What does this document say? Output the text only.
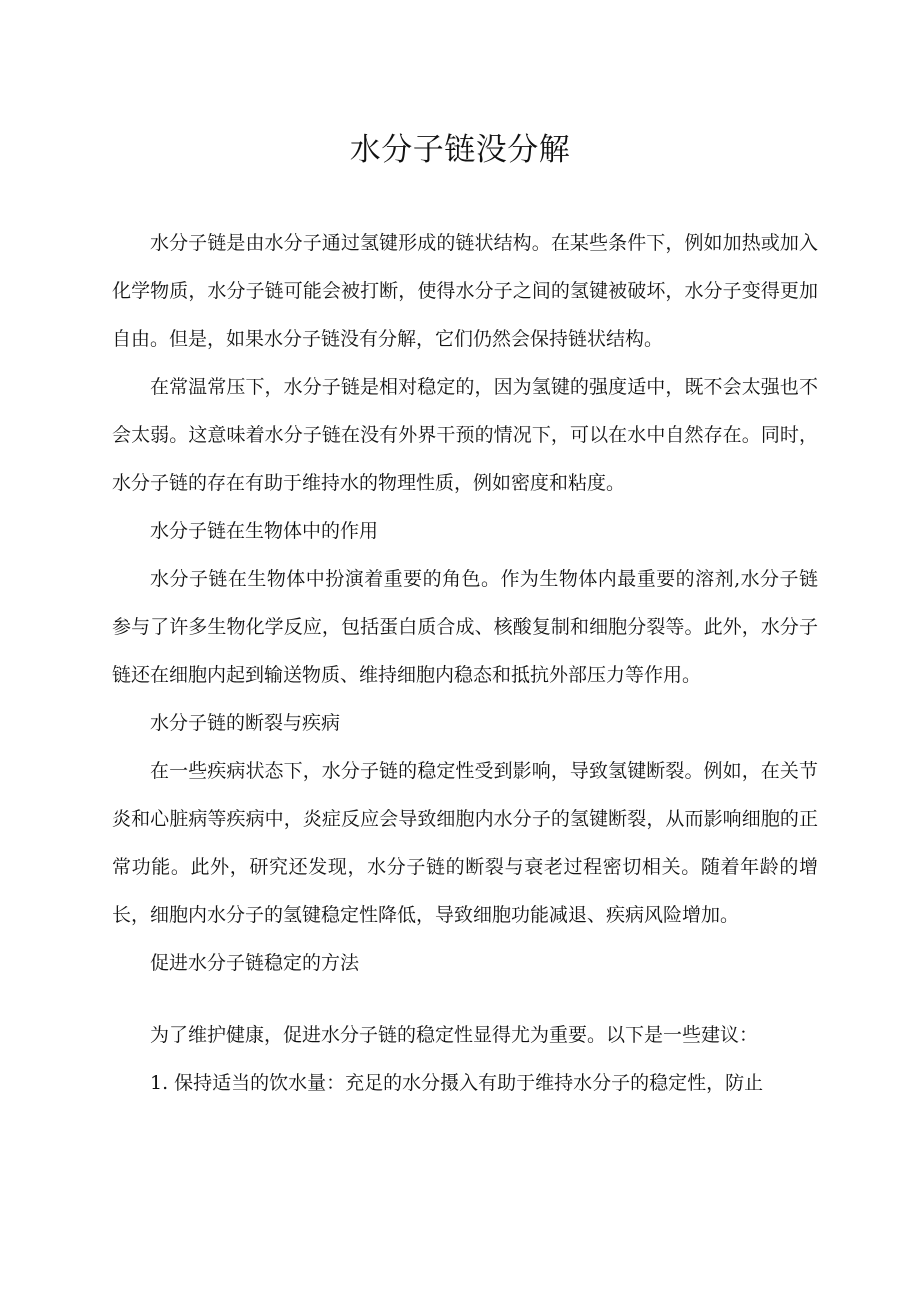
水分子链没分解

水分子链是由水分子通过氢键形成的链状结构。在某些条件下，例如加热或加入化学物质，水分子链可能会被打断，使得水分子之间的氢键被破坏，水分子变得更加自由。但是，如果水分子链没有分解，它们仍然会保持链状结构。

在常温常压下，水分子链是相对稳定的，因为氢键的强度适中，既不会太强也不会太弱。这意味着水分子链在没有外界干预的情况下，可以在水中自然存在。同时，水分子链的存在有助于维持水的物理性质，例如密度和粘度。

水分子链在生物体中的作用

水分子链在生物体中扮演着重要的角色。作为生物体内最重要的溶剂,水分子链参与了许多生物化学反应，包括蛋白质合成、核酸复制和细胞分裂等。此外，水分子链还在细胞内起到输送物质、维持细胞内稳态和抵抗外部压力等作用。

水分子链的断裂与疾病

在一些疾病状态下，水分子链的稳定性受到影响，导致氢键断裂。例如，在关节炎和心脏病等疾病中，炎症反应会导致细胞内水分子的氢键断裂，从而影响细胞的正常功能。此外，研究还发现，水分子链的断裂与衰老过程密切相关。随着年龄的增长，细胞内水分子的氢键稳定性降低，导致细胞功能减退、疾病风险增加。

促进水分子链稳定的方法

为了维护健康，促进水分子链的稳定性显得尤为重要。以下是一些建议：

1. 保持适当的饮水量：充足的水分摄入有助于维持水分子的稳定性，防止
